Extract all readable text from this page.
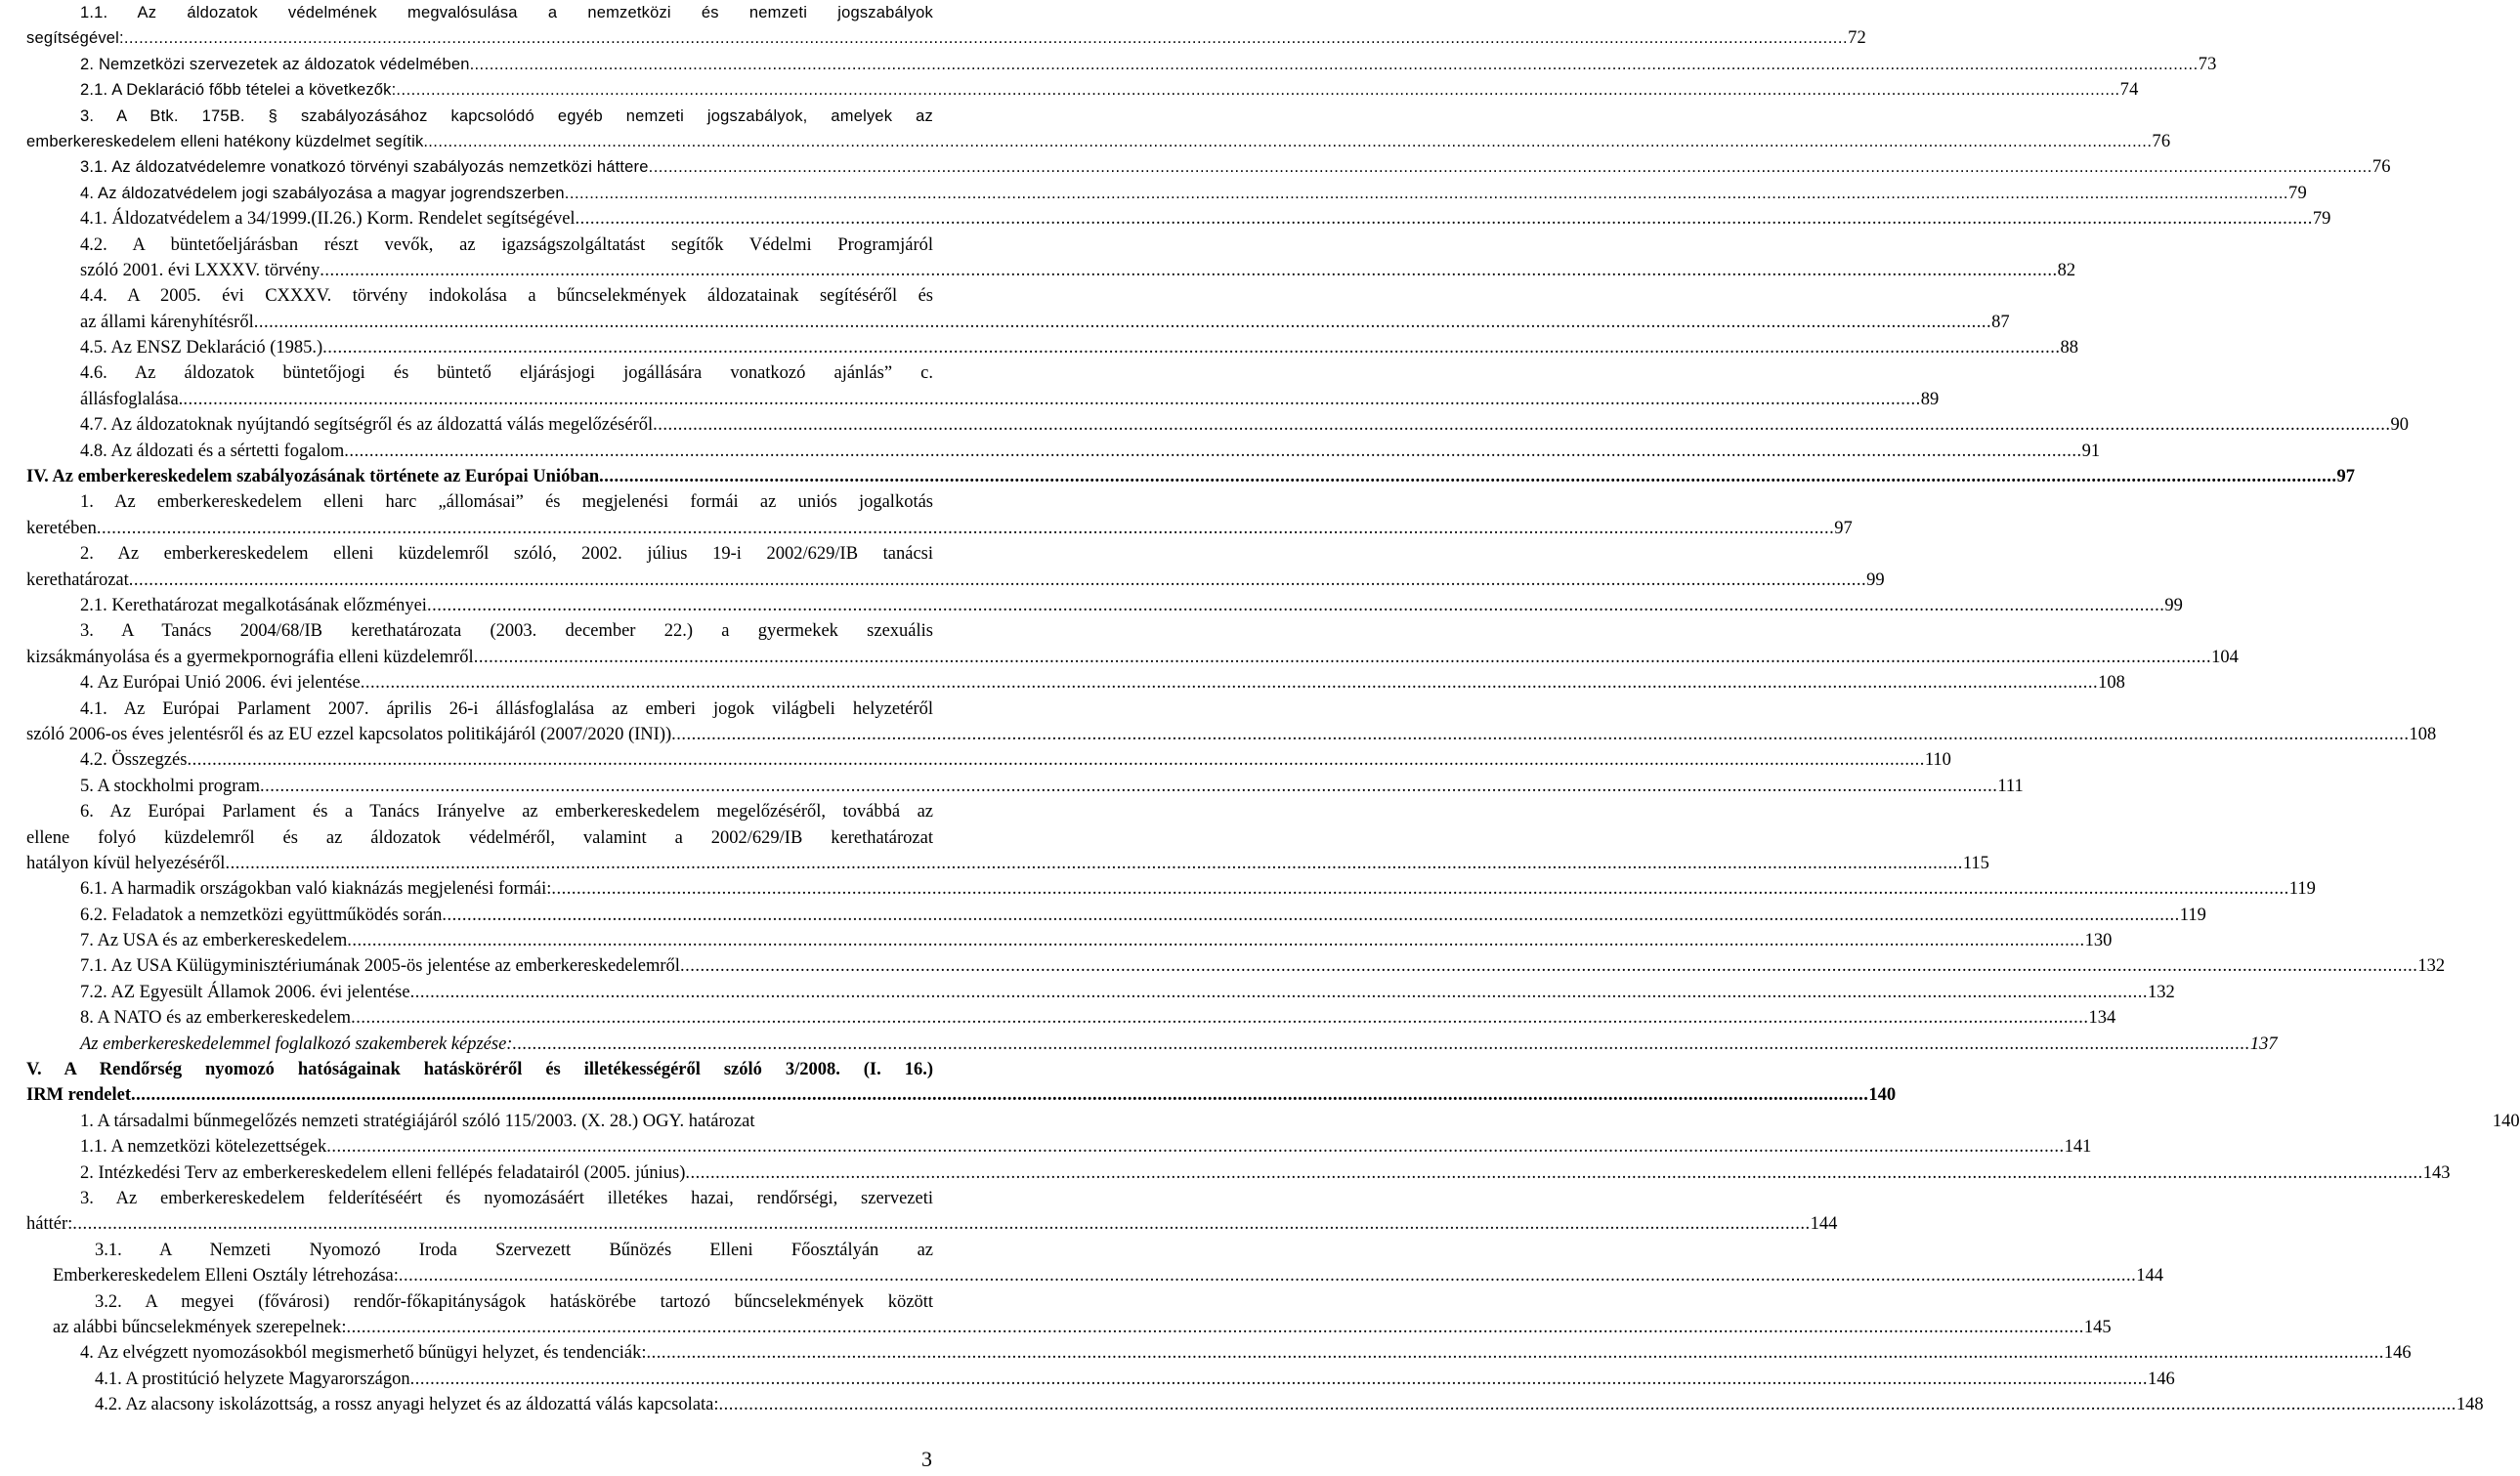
1.1. Az áldozatok védelmének megvalósulása a nemzetközi és nemzeti jogszabályok
segítségével: .....	72
2. Nemzetközi szervezetek az áldozatok védelmében. .....	73
2.1. A Deklaráció főbb tételei a következők: .....	74
3. A Btk. 175B. § szabályozásához kapcsolódó egyéb nemzeti jogszabályok, amelyek az
emberkereskedelem elleni hatékony küzdelmet segítik. .....	76
3.1. Az áldozatvédelemre vonatkozó törvényi szabályozás nemzetközi háttere .....	76
4. Az áldozatvédelem jogi szabályozása a magyar jogrendszerben .....	79
4.1. Áldozatvédelem a 34/1999.(II.26.) Korm. Rendelet segítségével .....	79
4.2. A büntetőeljárásban részt vevők, az igazságszolgáltatást segítők Védelmi Programjáról
szóló 2001. évi LXXXV. törvény .....	82
4.4. A 2005. évi CXXXV. törvény indokolása a bűncselekmények áldozatainak segítéséről és
az állami kárenyhítésről .....	87
4.5. Az ENSZ Deklaráció (1985.) .....	88
4.6. Az áldozatok büntetőjogi és büntető eljárásjogi jogállására vonatkozó ajánlás” c.
állásfoglalása. .....	89
4.7. Az áldozatoknak nyújtandó segítségről és az áldozattá válás megelőzéséről .....	90
4.8. Az áldozati és a sértetti fogalom .....	91
IV. Az emberkereskedelem szabályozásának története az Európai Unióban .....	97
1. Az emberkereskedelem elleni harc „állomásai” és megjelenési formái az uniós jogalkotás
keretében .....	97
2. Az emberkereskedelem elleni küzdelemről szóló, 2002. július 19-i 2002/629/IB tanácsi
kerethatározat .....	99
2.1. Kerethatározat megalkotásának előzményei .....	99
3. A Tanács 2004/68/IB kerethatározata (2003. december 22.) a gyermekek szexuális
kizsákmányolása és a gyermekpornográfia elleni küzdelemről .....	104
4. Az Európai Unió 2006. évi jelentése .....	108
4.1. Az Európai Parlament 2007. április 26-i állásfoglalása az emberi jogok világbeli helyzetéről
szóló 2006-os éves jelentésről és az EU ezzel kapcsolatos politikájáról (2007/2020 (INI)) .....	108
4.2. Összegzés .....	110
5. A stockholmi program .....	111
6. Az Európai Parlament és a Tanács Irányelve az emberkereskedelem megelőzéséről, továbbá az
ellene folyó küzdelemről és az áldozatok védelméről, valamint a 2002/629/IB kerethatározat
hatályon kívül helyezéséről .....	115
6.1. A harmadik országokban való kiaknázás megjelenési formái: .....	119
6.2. Feladatok a nemzetközi együttműködés során .....	119
7. Az USA és az emberkereskedelem .....	130
7.1. Az USA Külügyminisztériumának 2005-ös jelentése az emberkereskedelemről .....	132
7.2. AZ Egyesült Államok 2006. évi jelentése .....	132
8. A NATO és az emberkereskedelem .....	134
Az emberkereskedelemmel foglalkozó szakemberek képzése: .....	137
V. A Rendőrség nyomozó hatóságainak hatásköréről és illetékességéről szóló 3/2008. (I. 16.)
IRM rendelet .....	140
1. A társadalmi bűnmegelőzés nemzeti stratégiájáról szóló 115/2003. (X. 28.) OGY. határozat	140
1.1. A nemzetközi kötelezettségek .....	141
2. Intézkedési Terv az emberkereskedelem elleni fellépés feladatairól (2005. június) .....	143
3. Az emberkereskedelem felderítéséért és nyomozásáért illetékes hazai, rendőrségi, szervezeti
háttér: .....	144
3.1. A Nemzeti Nyomozó Iroda Szervezett Bűnözés Elleni Főosztályán az
Emberkereskedelem Elleni Osztály létrehozása: .....	144
3.2. A megyei (fővárosi) rendőr-főkapitányságok hatáskörébe tartozó bűncselekmények között
az alábbi bűncselekmények szerepelnek: .....	145
4. Az elvégzett nyomozásokból megismerhető bűnügyi helyzet, és tendenciák: .....	146
4.1. A prostitúció helyzete Magyarországon .....	146
4.2. Az alacsony iskolázottság, a rossz anyagi helyzet és az áldozattá válás kapcsolata: .....	148
3
